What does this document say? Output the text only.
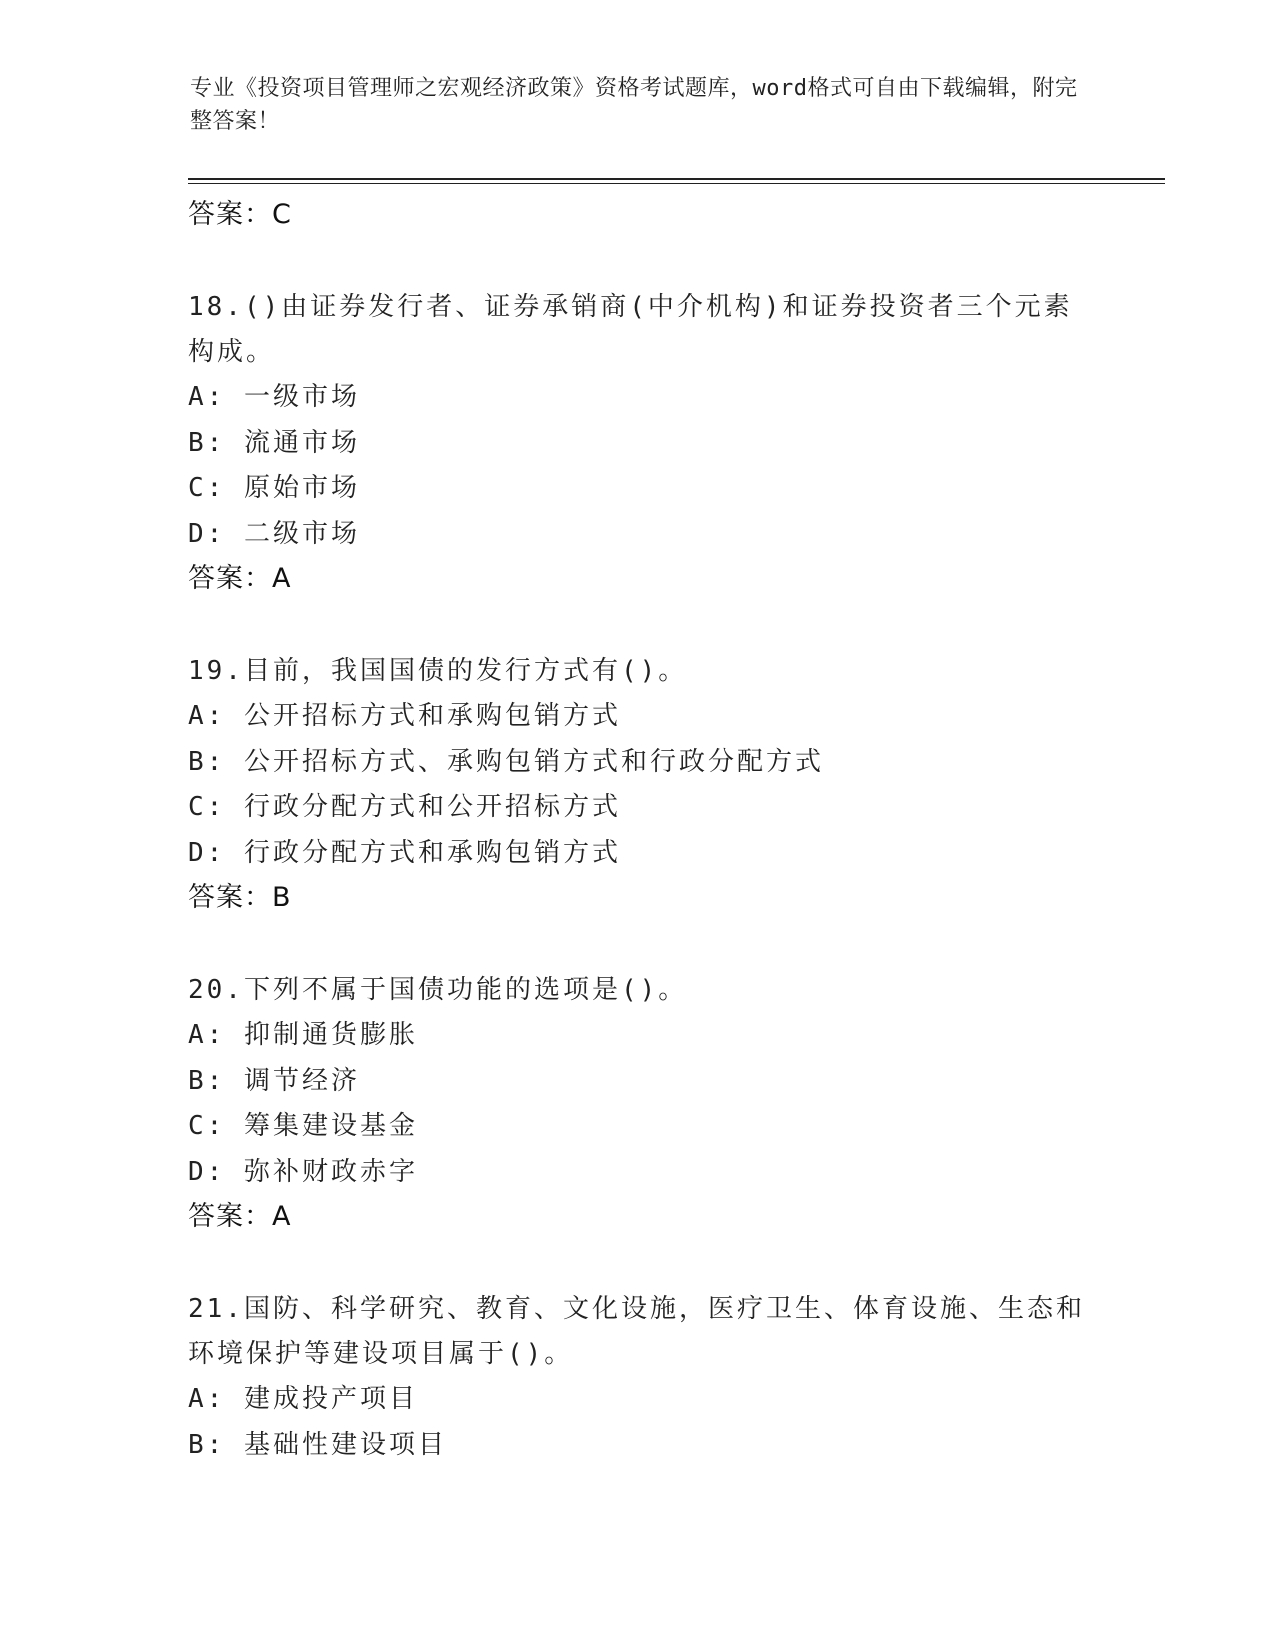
专业《投资项目管理师之宏观经济政策》资格考试题库，word格式可自由下载编辑，附完整答案！

答案：C

18.()由证券发行者、证券承销商(中介机构)和证券投资者三个元素构成。

A: 一级市场

B: 流通市场

C: 原始市场

D: 二级市场

答案：A

19.目前，我国国债的发行方式有()。

A: 公开招标方式和承购包销方式

B: 公开招标方式、承购包销方式和行政分配方式

C: 行政分配方式和公开招标方式

D: 行政分配方式和承购包销方式

答案：B

20.下列不属于国债功能的选项是()。

A: 抑制通货膨胀

B: 调节经济

C: 筹集建设基金

D: 弥补财政赤字

答案：A

21.国防、科学研究、教育、文化设施，医疗卫生、体育设施、生态和环境保护等建设项目属于()。

A: 建成投产项目

B: 基础性建设项目
